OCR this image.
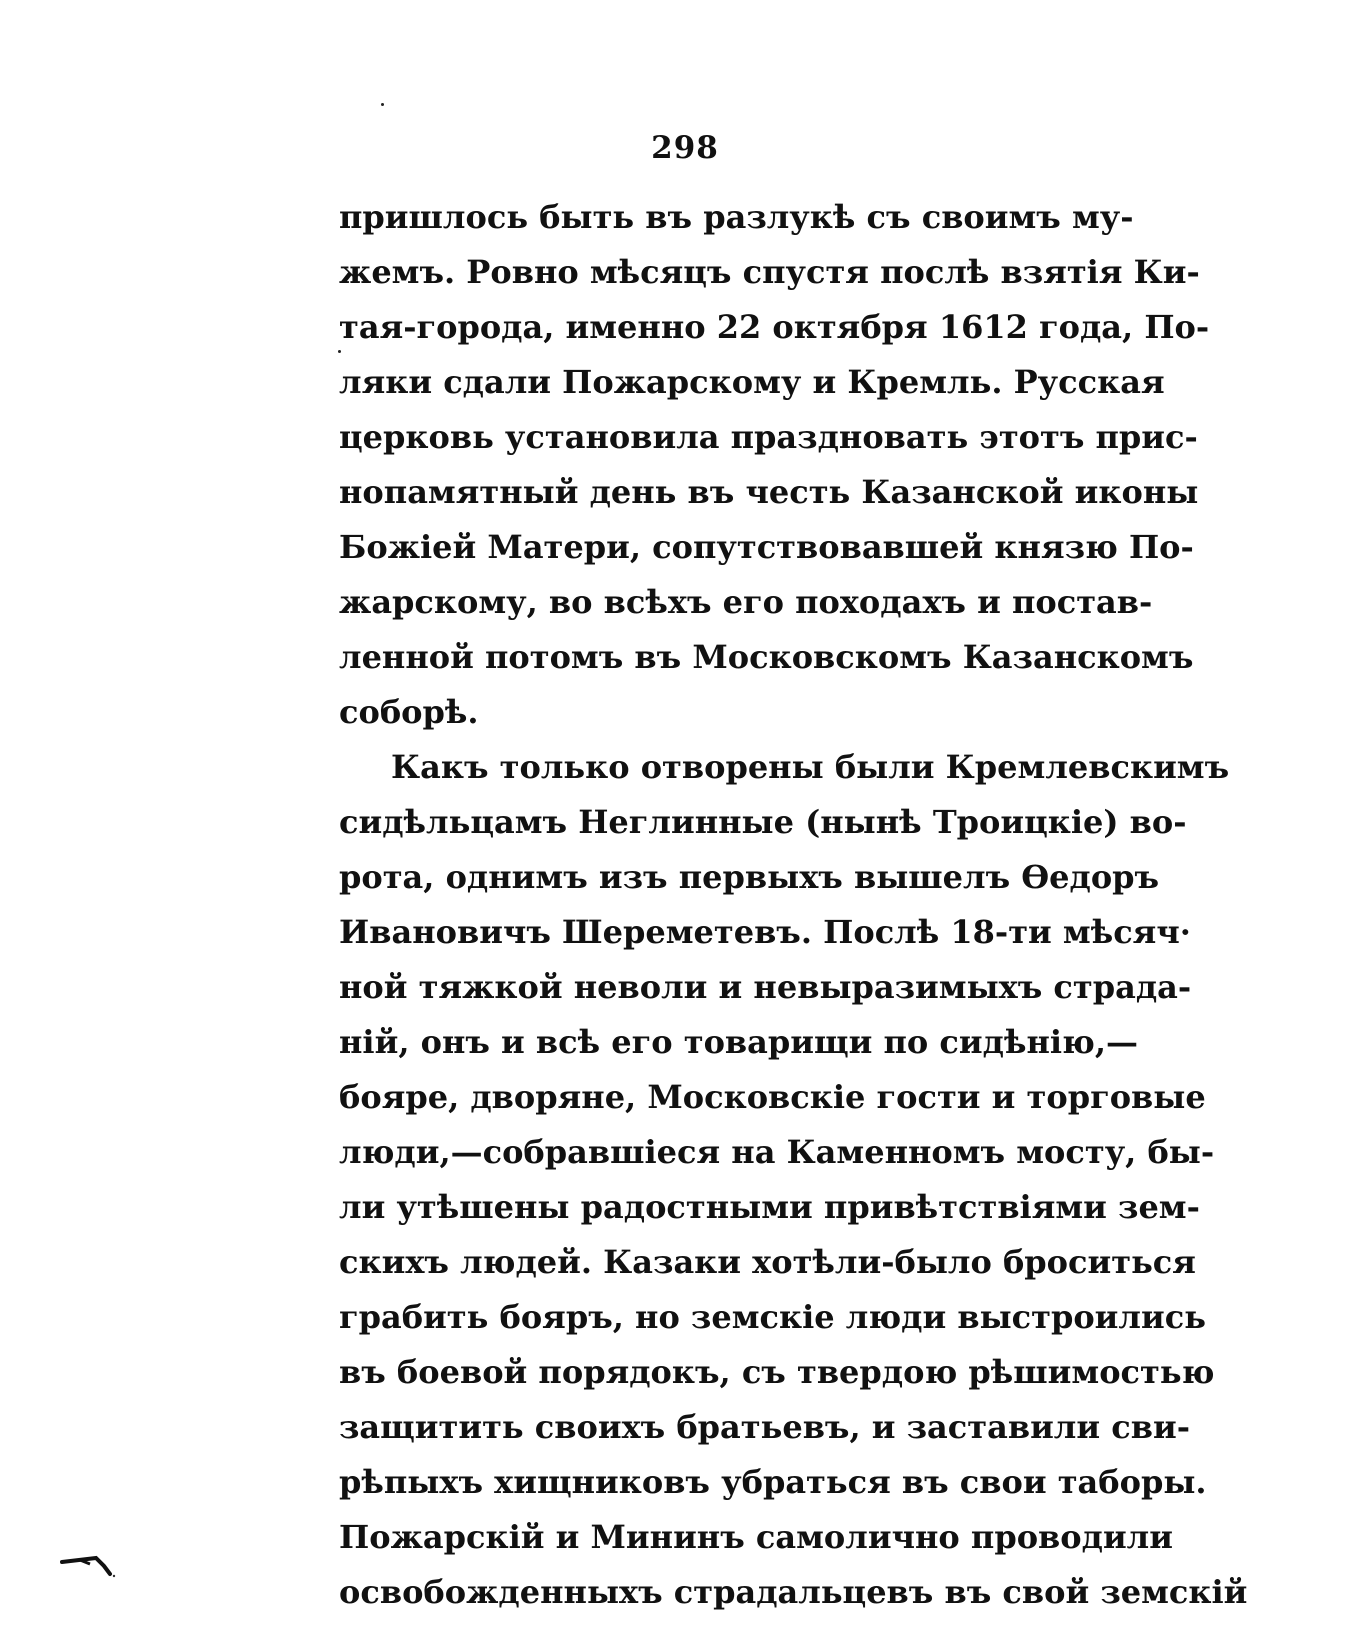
298
пришлось быть въ разлукѣ съ своимъ му-
жемъ. Ровно мѣсяцъ спустя послѣ взятія Ки-
тая-города, именно 22 октября 1612 года, По-
ляки сдали Пожарскому и Кремль. Русская
церковь установила праздновать этотъ прис-
нопамятный день въ честь Казанской иконы
Божіей Матери, сопутствовавшей князю По-
жарскому, во всѣхъ его походахъ и постав-
ленной потомъ въ Московскомъ Казанскомъ
соборѣ.
Какъ только отворены были Кремлевскимъ
сидѣльцамъ Неглинные (нынѣ Троицкіе) во-
рота, однимъ изъ первыхъ вышелъ Ѳедоръ
Ивановичъ Шереметевъ. Послѣ 18-ти мѣсяч·
ной тяжкой неволи и невыразимыхъ страда-
ній, онъ и всѣ его товарищи по сидѣнію,—
бояре, дворяне, Московскіе гости и торговые
люди,—собравшіеся на Каменномъ мосту, бы-
ли утѣшены радостными привѣтствіями зем-
скихъ людей. Казаки хотѣли-было броситься
грабить бояръ, но земскіе люди выстроились
въ боевой порядокъ, съ твердою рѣшимостью
защитить своихъ братьевъ, и заставили сви-
рѣпыхъ хищниковъ убраться въ свои таборы.
Пожарскій и Мининъ самолично проводили
освобожденныхъ страдальцевъ въ свой земскій
